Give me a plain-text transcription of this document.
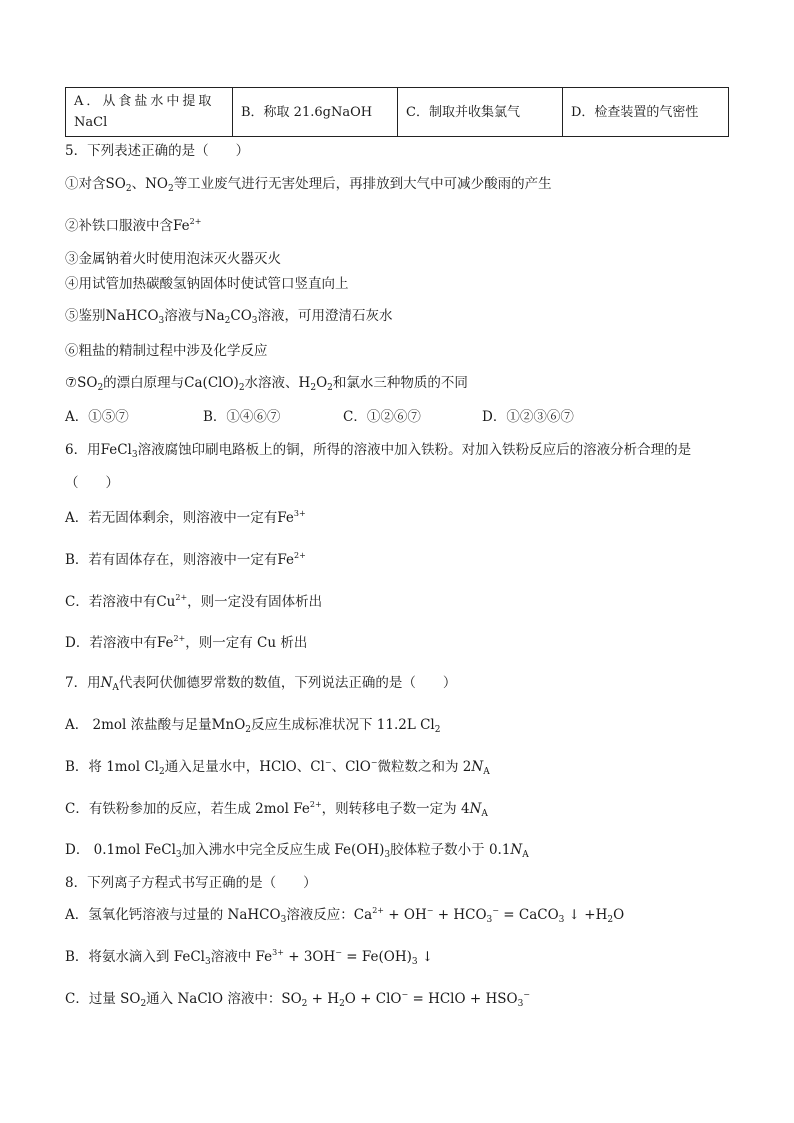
A．从食盐水中提取
NaCl
	B．称取 21.6gNaOH	C．制取并收集氯气	D．检查装置的气密性
5．下列表述正确的是（　　）
①对含$SO_2$、$NO_2$等工业废气进行无害处理后，再排放到大气中可减少酸雨的产生
②补铁口服液中含$Fe^{2+}$
③金属钠着火时使用泡沫灭火器灭火
④用试管加热碳酸氢钠固体时使试管口竖直向上
⑤鉴别NaHCO$_3$溶液与$Na_2CO_3$溶液，可用澄清石灰水
⑥粗盐的精制过程中涉及化学反应
$⑦SO_2$的漂白原理与$Ca(ClO)_2$水溶液、$H_2O_2$和氯水三种物质的不同
A．①⑤⑦	B．①④⑥⑦	C．①②⑥⑦	D．①②③⑥⑦
6．用FeCl$_3$溶液腐蚀印刷电路板上的铜，所得的溶液中加入铁粉。对加入铁粉反应后的溶液分析合理的是
（　　）
A．若无固体剩余，则溶液中一定有$Fe^{3+}$
B．若有固体存在，则溶液中一定有$Fe^{2+}$
C．若溶液中有$Cu^{2+}$，则一定没有固体析出
D．若溶液中有$Fe^{2+}$，则一定有 Cu 析出
7．用$N_A$代表阿伏伽德罗常数的数值，下列说法正确的是（　　）
A． 2mol 浓盐酸与足量MnO$_2$反应生成标准状况下 11.2L $Cl_2$
B．将 1mol $Cl_2$通入足量水中，HClO、Cl−、ClO−微粒数之和为 $2N_A$
C．有铁粉参加的反应，若生成 2mol $Fe^{2+}$，则转移电子数一定为 $4N_A$
D． 0.1mol FeCl$_3$加入沸水中完全反应生成 $Fe(OH)_3$胶体粒子数小于 $0.1N_A$
8．下列离子方程式书写正确的是（　　）
A．氢氧化钙溶液与过量的 NaHCO$_3$溶液反应：$Ca^{2+} + OH^- + HCO_3^-$ = CaCO$_3$ ↓ $+H_2O$
B．将氨水滴入到 FeCl$_3$溶液中 $Fe^{3+} + 3OH^- = Fe(OH)_3$ ↓
C．过量 $SO_2$通入 NaClO 溶液中：$SO_2 + H_2O + ClO^-$ = HClO + $HSO_3^-$
